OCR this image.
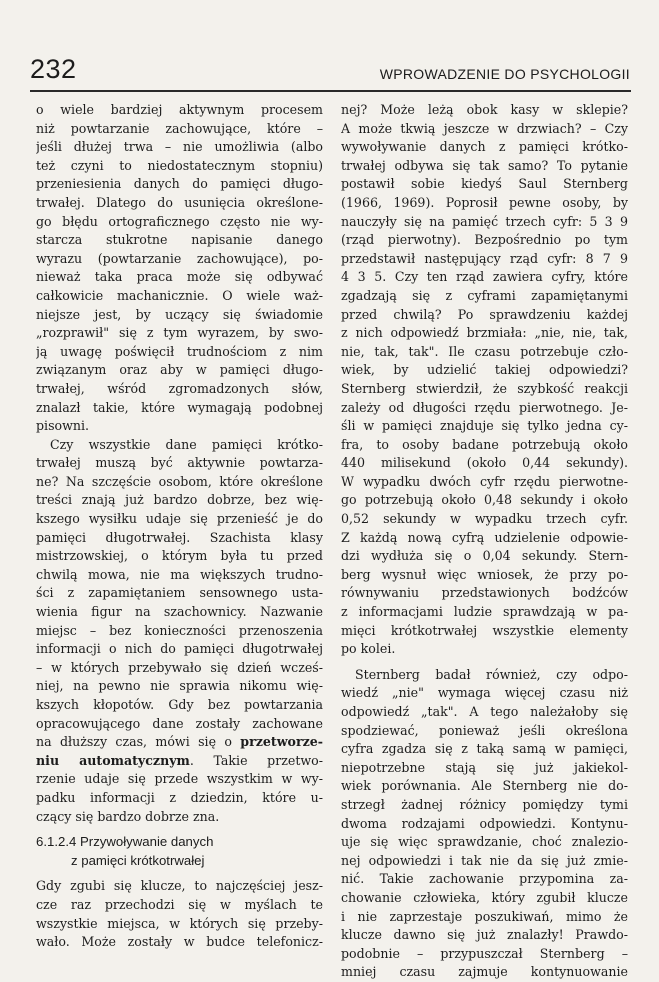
232	WPROWADZENIE DO PSYCHOLOGII
o wiele bardziej aktywnym procesem
niż powtarzanie zachowujące, które –
jeśli dłużej trwa – nie umożliwia (albo
też czyni to niedostatecznym stopniu)
przeniesienia danych do pamięci długo-
trwałej. Dlatego do usunięcia określone-
go błędu ortograficznego często nie wy-
starcza stukrotne napisanie danego
wyrazu (powtarzanie zachowujące), po-
nieważ taka praca może się odbywać
całkowicie machanicznie. O wiele waż-
niejsze jest, by uczący się świadomie
„rozprawił" się z tym wyrazem, by swo-
ją uwagę poświęcił trudnościom z nim
związanym oraz aby w pamięci długo-
trwałej, wśród zgromadzonych słów,
znalazł takie, które wymagają podobnej
pisowni.
Czy wszystkie dane pamięci krótko-
trwałej muszą być aktywnie powtarza-
ne? Na szczęście osobom, które określone
treści znają już bardzo dobrze, bez wię-
kszego wysiłku udaje się przenieść je do
pamięci długotrwałej. Szachista klasy
mistrzowskiej, o którym była tu przed
chwilą mowa, nie ma większych trudno-
ści z zapamiętaniem sensownego usta-
wienia figur na szachownicy. Nazwanie
miejsc – bez konieczności przenoszenia
informacji o nich do pamięci długotrwałej
– w których przebywało się dzień wcześ-
niej, na pewno nie sprawia nikomu wię-
kszych kłopotów. Gdy bez powtarzania
opracowującego dane zostały zachowane
na dłuższy czas, mówi się o przetworze-
niu automatycznym. Takie przetwo-
rzenie udaje się przede wszystkim w wy-
padku informacji z dziedzin, które u-
czący się bardzo dobrze zna.
6.1.2.4 Przywoływanie danych
z pamięci krótkotrwałej
Gdy zgubi się klucze, to najczęściej jesz-
cze raz przechodzi się w myślach te
wszystkie miejsca, w których się przeby-
wało. Może zostały w budce telefonicz-
nej? Może leżą obok kasy w sklepie?
A może tkwią jeszcze w drzwiach? – Czy
wywoływanie danych z pamięci krótko-
trwałej odbywa się tak samo? To pytanie
postawił sobie kiedyś Saul Sternberg
(1966, 1969). Poprosił pewne osoby, by
nauczyły się na pamięć trzech cyfr: 5 3 9
(rząd pierwotny). Bezpośrednio po tym
przedstawił następujący rząd cyfr: 8 7 9
4 3 5. Czy ten rząd zawiera cyfry, które
zgadzają się z cyframi zapamiętanymi
przed chwilą? Po sprawdzeniu każdej
z nich odpowiedź brzmiała: „nie, nie, tak,
nie, tak, tak". Ile czasu potrzebuje czło-
wiek, by udzielić takiej odpowiedzi?
Sternberg stwierdził, że szybkość reakcji
zależy od długości rzędu pierwotnego. Je-
śli w pamięci znajduje się tylko jedna cy-
fra, to osoby badane potrzebują około
440 milisekund (około 0,44 sekundy).
W wypadku dwóch cyfr rzędu pierwotne-
go potrzebują około 0,48 sekundy i około
0,52 sekundy w wypadku trzech cyfr.
Z każdą nową cyfrą udzielenie odpowie-
dzi wydłuża się o 0,04 sekundy. Stern-
berg wysnuł więc wniosek, że przy po-
równywaniu przedstawionych bodźców
z informacjami ludzie sprawdzają w pa-
mięci krótkotrwałej wszystkie elementy
po kolei.
Sternberg badał również, czy odpo-
wiedź „nie" wymaga więcej czasu niż
odpowiedź „tak". A tego należałoby się
spodziewać, ponieważ jeśli określona
cyfra zgadza się z taką samą w pamięci,
niepotrzebne stają się już jakiekol-
wiek porównania. Ale Sternberg nie do-
strzegł żadnej różnicy pomiędzy tymi
dwoma rodzajami odpowiedzi. Kontynu-
uje się więc sprawdzanie, choć znalezio-
nej odpowiedzi i tak nie da się już zmie-
nić. Takie zachowanie przypomina za-
chowanie człowieka, który zgubił klucze
i nie zaprzestaje poszukiwań, mimo że
klucze dawno się już znalazły! Prawdo-
podobnie – przypuszczał Sternberg –
mniej czasu zajmuje kontynuowanie
